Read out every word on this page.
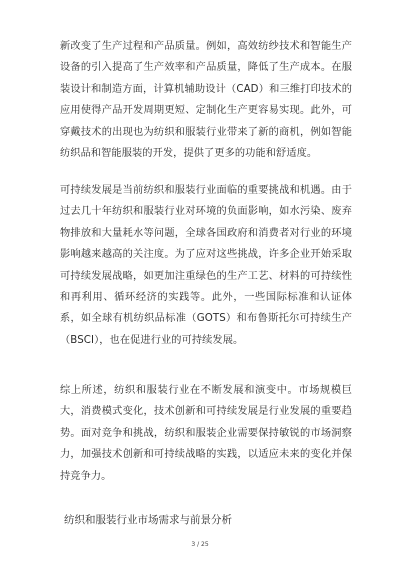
新改变了生产过程和产品质量。例如，高效纺纱技术和智能生产设备的引入提高了生产效率和产品质量，降低了生产成本。在服装设计和制造方面，计算机辅助设计（CAD）和三维打印技术的应用使得产品开发周期更短、定制化生产更容易实现。此外，可穿戴技术的出现也为纺织和服装行业带来了新的商机，例如智能纺织品和智能服装的开发，提供了更多的功能和舒适度。

可持续发展是当前纺织和服装行业面临的重要挑战和机遇。由于过去几十年纺织和服装行业对环境的负面影响，如水污染、废弃物排放和大量耗水等问题，全球各国政府和消费者对行业的环境影响越来越高的关注度。为了应对这些挑战，许多企业开始采取可持续发展战略，如更加注重绿色的生产工艺、材料的可持续性和再利用、循环经济的实践等。此外，一些国际标准和认证体系，如全球有机纺织品标准（GOTS）和布鲁斯托尔可持续生产（BSCI），也在促进行业的可持续发展。

综上所述，纺织和服装行业在不断发展和演变中。市场规模巨大，消费模式变化，技术创新和可持续发展是行业发展的重要趋势。面对竞争和挑战，纺织和服装企业需要保持敏锐的市场洞察力，加强技术创新和可持续战略的实践，以适应未来的变化并保持竞争力。

纺织和服装行业市场需求与前景分析

3 / 25
